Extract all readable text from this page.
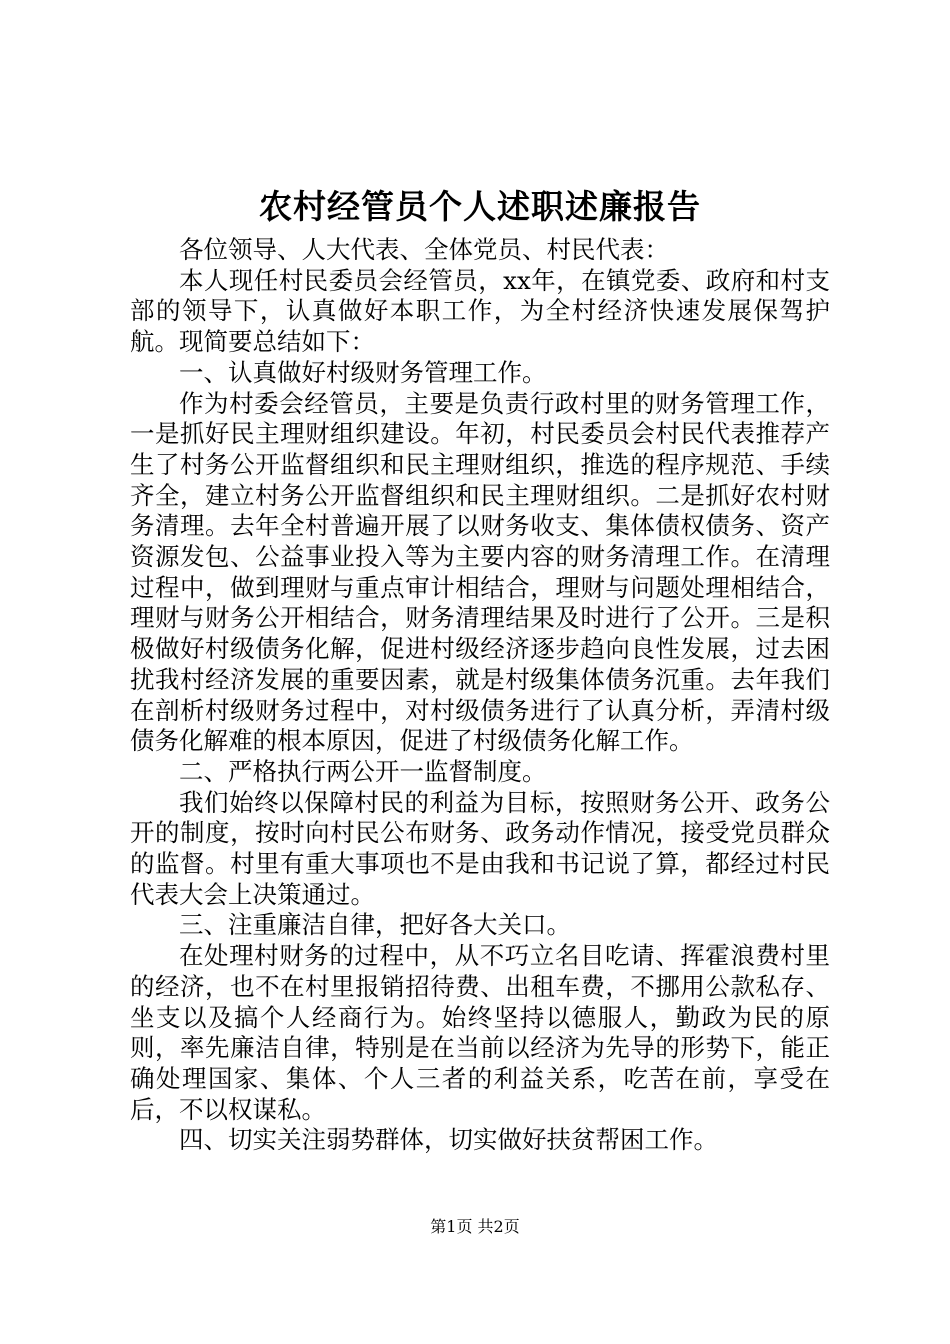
农村经管员个人述职述廉报告

各位领导、人大代表、全体党员、村民代表：

本人现任村民委员会经管员，xx年，在镇党委、政府和村支部的领导下，认真做好本职工作，为全村经济快速发展保驾护航。现简要总结如下：

一、认真做好村级财务管理工作。

作为村委会经管员，主要是负责行政村里的财务管理工作，一是抓好民主理财组织建设。年初，村民委员会村民代表推荐产生了村务公开监督组织和民主理财组织，推选的程序规范、手续齐全，建立村务公开监督组织和民主理财组织。二是抓好农村财务清理。去年全村普遍开展了以财务收支、集体债权债务、资产资源发包、公益事业投入等为主要内容的财务清理工作。在清理过程中，做到理财与重点审计相结合，理财与问题处理相结合，理财与财务公开相结合，财务清理结果及时进行了公开。三是积极做好村级债务化解，促进村级经济逐步趋向良性发展，过去困扰我村经济发展的重要因素，就是村级集体债务沉重。去年我们在剖析村级财务过程中，对村级债务进行了认真分析，弄清村级债务化解难的根本原因，促进了村级债务化解工作。

二、严格执行两公开一监督制度。

我们始终以保障村民的利益为目标，按照财务公开、政务公开的制度，按时向村民公布财务、政务动作情况，接受党员群众的监督。村里有重大事项也不是由我和书记说了算，都经过村民代表大会上决策通过。

三、注重廉洁自律，把好各大关口。

在处理村财务的过程中，从不巧立名目吃请、挥霍浪费村里的经济，也不在村里报销招待费、出租车费，不挪用公款私存、坐支以及搞个人经商行为。始终坚持以德服人，勤政为民的原则，率先廉洁自律，特别是在当前以经济为先导的形势下，能正确处理国家、集体、个人三者的利益关系，吃苦在前，享受在后，不以权谋私。

四、切实关注弱势群体，切实做好扶贫帮困工作。

第1页 共2页
